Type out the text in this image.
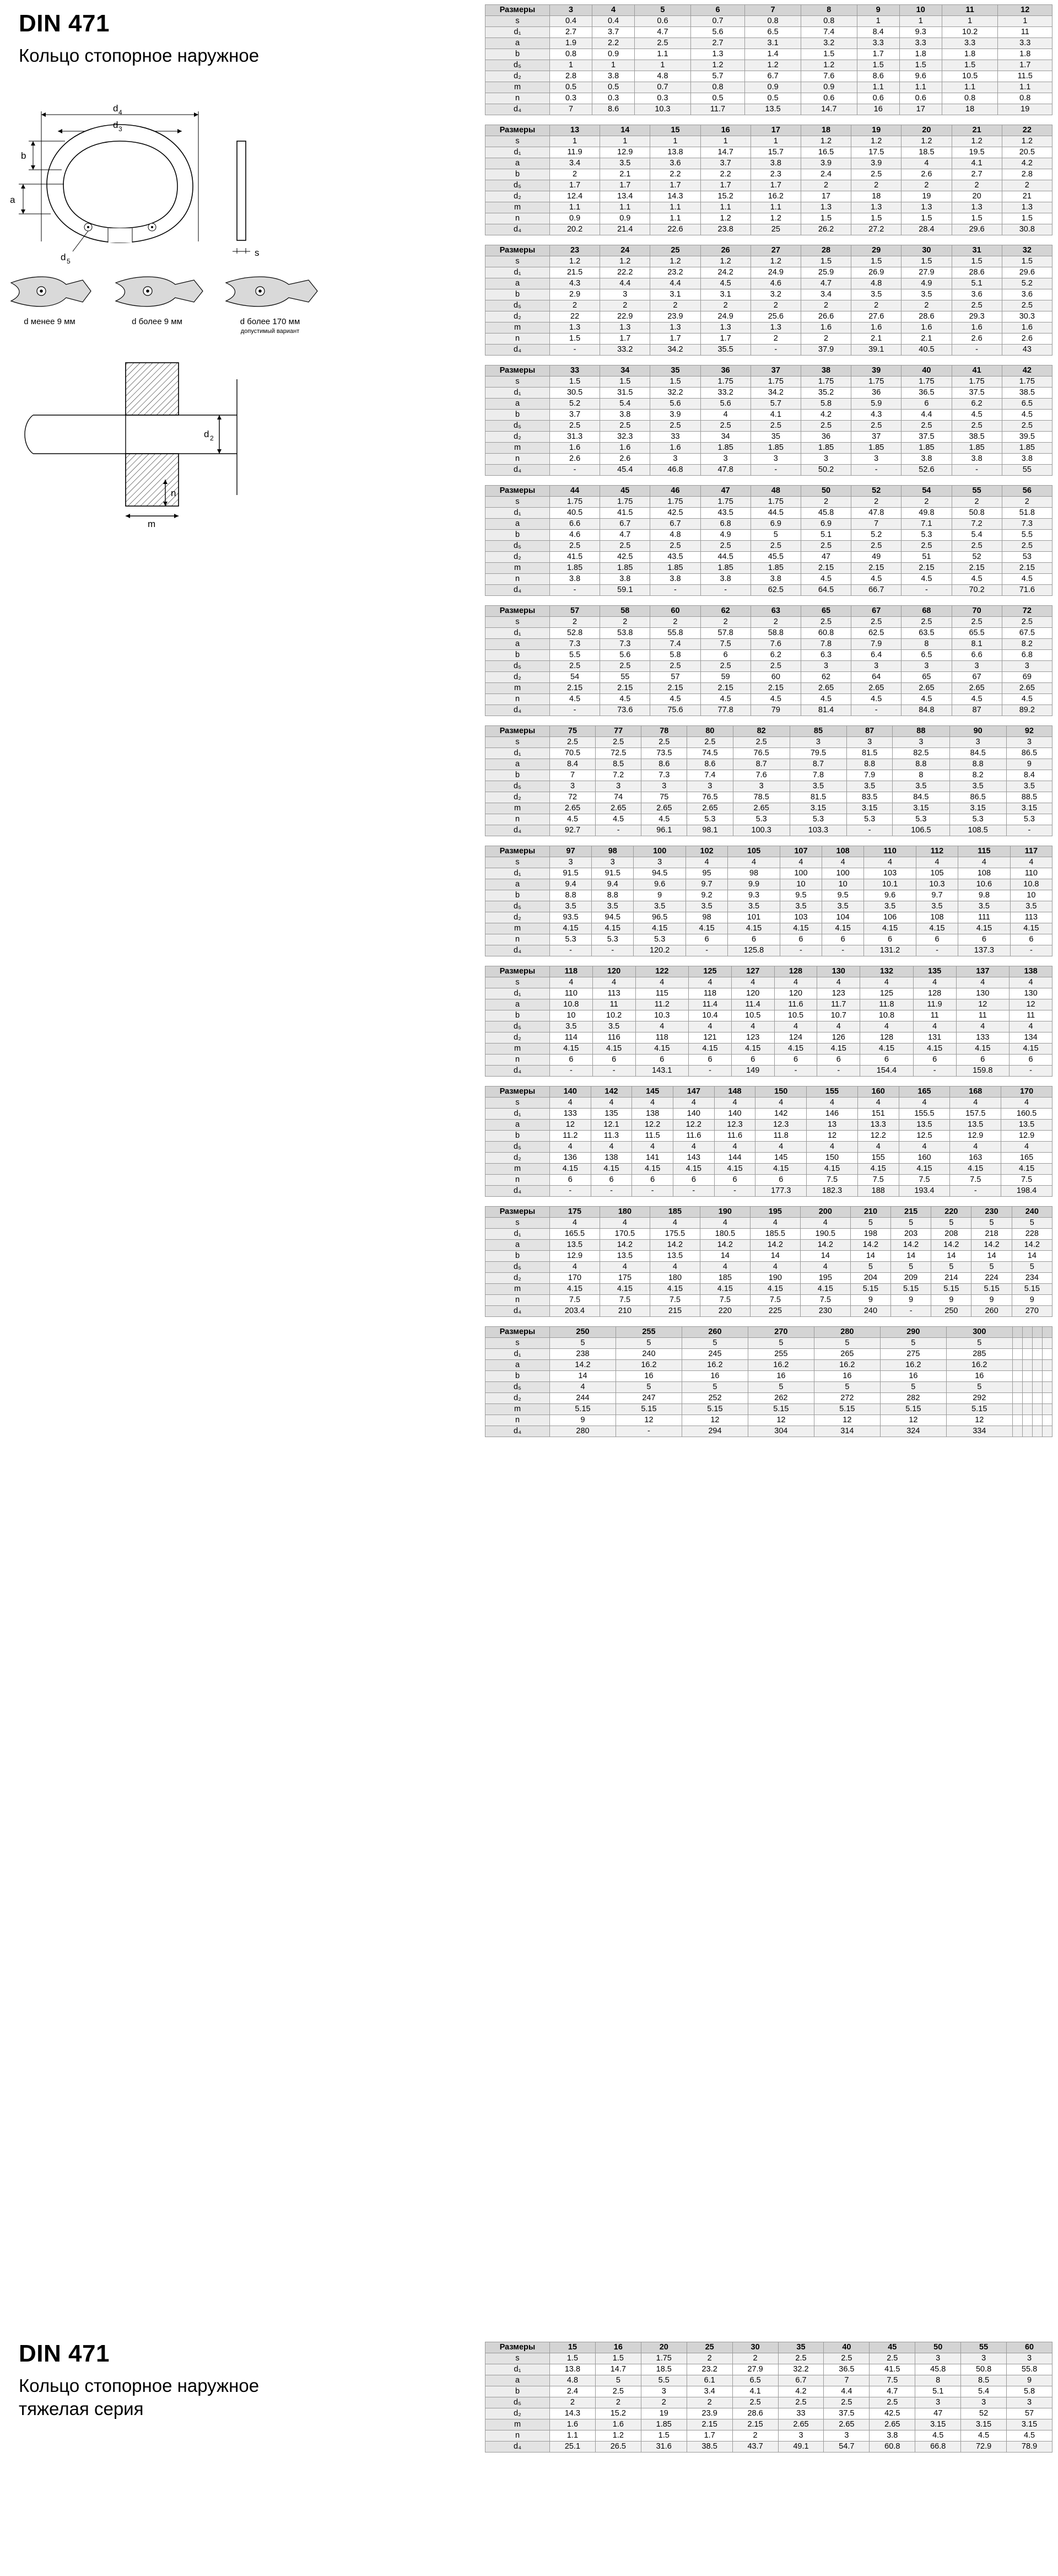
DIN 471
Кольцо стопорное наружное
d 4
d 3
b
a
d 5
s
d менее 9 мм	d более 9 мм	d более 170 мм
допустимый вариант
d 2
n
m
Размеры	3	4	5	6	7	8	9	10	11	12
s	0.4	0.4	0.6	0.7	0.8	0.8	1	1	1	1
d₁	2.7	3.7	4.7	5.6	6.5	7.4	8.4	9.3	10.2	11
a	1.9	2.2	2.5	2.7	3.1	3.2	3.3	3.3	3.3	3.3
b	0.8	0.9	1.1	1.3	1.4	1.5	1.7	1.8	1.8	1.8
d₅	1	1	1	1.2	1.2	1.2	1.5	1.5	1.5	1.7
d₂	2.8	3.8	4.8	5.7	6.7	7.6	8.6	9.6	10.5	11.5
m	0.5	0.5	0.7	0.8	0.9	0.9	1.1	1.1	1.1	1.1
n	0.3	0.3	0.3	0.5	0.5	0.6	0.6	0.6	0.8	0.8
d₄	7	8.6	10.3	11.7	13.5	14.7	16	17	18	19
Размеры	13	14	15	16	17	18	19	20	21	22
s	1	1	1	1	1	1.2	1.2	1.2	1.2	1.2
d₁	11.9	12.9	13.8	14.7	15.7	16.5	17.5	18.5	19.5	20.5
a	3.4	3.5	3.6	3.7	3.8	3.9	3.9	4	4.1	4.2
b	2	2.1	2.2	2.2	2.3	2.4	2.5	2.6	2.7	2.8
d₅	1.7	1.7	1.7	1.7	1.7	2	2	2	2	2
d₂	12.4	13.4	14.3	15.2	16.2	17	18	19	20	21
m	1.1	1.1	1.1	1.1	1.1	1.3	1.3	1.3	1.3	1.3
n	0.9	0.9	1.1	1.2	1.2	1.5	1.5	1.5	1.5	1.5
d₄	20.2	21.4	22.6	23.8	25	26.2	27.2	28.4	29.6	30.8
Размеры	23	24	25	26	27	28	29	30	31	32
s	1.2	1.2	1.2	1.2	1.2	1.5	1.5	1.5	1.5	1.5
d₁	21.5	22.2	23.2	24.2	24.9	25.9	26.9	27.9	28.6	29.6
a	4.3	4.4	4.4	4.5	4.6	4.7	4.8	4.9	5.1	5.2
b	2.9	3	3.1	3.1	3.2	3.4	3.5	3.5	3.6	3.6
d₅	2	2	2	2	2	2	2	2	2.5	2.5
d₂	22	22.9	23.9	24.9	25.6	26.6	27.6	28.6	29.3	30.3
m	1.3	1.3	1.3	1.3	1.3	1.6	1.6	1.6	1.6	1.6
n	1.5	1.7	1.7	1.7	2	2	2.1	2.1	2.6	2.6
d₄	-	33.2	34.2	35.5	-	37.9	39.1	40.5	-	43
Размеры	33	34	35	36	37	38	39	40	41	42
s	1.5	1.5	1.5	1.75	1.75	1.75	1.75	1.75	1.75	1.75
d₁	30.5	31.5	32.2	33.2	34.2	35.2	36	36.5	37.5	38.5
a	5.2	5.4	5.6	5.6	5.7	5.8	5.9	6	6.2	6.5
b	3.7	3.8	3.9	4	4.1	4.2	4.3	4.4	4.5	4.5
d₅	2.5	2.5	2.5	2.5	2.5	2.5	2.5	2.5	2.5	2.5
d₂	31.3	32.3	33	34	35	36	37	37.5	38.5	39.5
m	1.6	1.6	1.6	1.85	1.85	1.85	1.85	1.85	1.85	1.85
n	2.6	2.6	3	3	3	3	3	3.8	3.8	3.8
d₄	-	45.4	46.8	47.8	-	50.2	-	52.6	-	55
Размеры	44	45	46	47	48	50	52	54	55	56
s	1.75	1.75	1.75	1.75	1.75	2	2	2	2	2
d₁	40.5	41.5	42.5	43.5	44.5	45.8	47.8	49.8	50.8	51.8
a	6.6	6.7	6.7	6.8	6.9	6.9	7	7.1	7.2	7.3
b	4.6	4.7	4.8	4.9	5	5.1	5.2	5.3	5.4	5.5
d₅	2.5	2.5	2.5	2.5	2.5	2.5	2.5	2.5	2.5	2.5
d₂	41.5	42.5	43.5	44.5	45.5	47	49	51	52	53
m	1.85	1.85	1.85	1.85	1.85	2.15	2.15	2.15	2.15	2.15
n	3.8	3.8	3.8	3.8	3.8	4.5	4.5	4.5	4.5	4.5
d₄	-	59.1	-	-	62.5	64.5	66.7	-	70.2	71.6
Размеры	57	58	60	62	63	65	67	68	70	72
s	2	2	2	2	2	2.5	2.5	2.5	2.5	2.5
d₁	52.8	53.8	55.8	57.8	58.8	60.8	62.5	63.5	65.5	67.5
a	7.3	7.3	7.4	7.5	7.6	7.8	7.9	8	8.1	8.2
b	5.5	5.6	5.8	6	6.2	6.3	6.4	6.5	6.6	6.8
d₅	2.5	2.5	2.5	2.5	2.5	3	3	3	3	3
d₂	54	55	57	59	60	62	64	65	67	69
m	2.15	2.15	2.15	2.15	2.15	2.65	2.65	2.65	2.65	2.65
n	4.5	4.5	4.5	4.5	4.5	4.5	4.5	4.5	4.5	4.5
d₄	-	73.6	75.6	77.8	79	81.4	-	84.8	87	89.2
Размеры	75	77	78	80	82	85	87	88	90	92
s	2.5	2.5	2.5	2.5	2.5	3	3	3	3	3
d₁	70.5	72.5	73.5	74.5	76.5	79.5	81.5	82.5	84.5	86.5
a	8.4	8.5	8.6	8.6	8.7	8.7	8.8	8.8	8.8	9
b	7	7.2	7.3	7.4	7.6	7.8	7.9	8	8.2	8.4
d₅	3	3	3	3	3	3.5	3.5	3.5	3.5	3.5
d₂	72	74	75	76.5	78.5	81.5	83.5	84.5	86.5	88.5
m	2.65	2.65	2.65	2.65	2.65	3.15	3.15	3.15	3.15	3.15
n	4.5	4.5	4.5	5.3	5.3	5.3	5.3	5.3	5.3	5.3
d₄	92.7	-	96.1	98.1	100.3	103.3	-	106.5	108.5	-
Размеры	97	98	100	102	105	107	108	110	112	115	117
s	3	3	3	4	4	4	4	4	4	4	4
d₁	91.5	91.5	94.5	95	98	100	100	103	105	108	110
a	9.4	9.4	9.6	9.7	9.9	10	10	10.1	10.3	10.6	10.8
b	8.8	8.8	9	9.2	9.3	9.5	9.5	9.6	9.7	9.8	10
d₅	3.5	3.5	3.5	3.5	3.5	3.5	3.5	3.5	3.5	3.5	3.5
d₂	93.5	94.5	96.5	98	101	103	104	106	108	111	113
m	4.15	4.15	4.15	4.15	4.15	4.15	4.15	4.15	4.15	4.15	4.15
n	5.3	5.3	5.3	6	6	6	6	6	6	6	6
d₄	-	-	120.2	-	125.8	-	-	131.2	-	137.3	-
Размеры	118	120	122	125	127	128	130	132	135	137	138
s	4	4	4	4	4	4	4	4	4	4	4
d₁	110	113	115	118	120	120	123	125	128	130	130
a	10.8	11	11.2	11.4	11.4	11.6	11.7	11.8	11.9	12	12
b	10	10.2	10.3	10.4	10.5	10.5	10.7	10.8	11	11	11
d₅	3.5	3.5	4	4	4	4	4	4	4	4	4
d₂	114	116	118	121	123	124	126	128	131	133	134
m	4.15	4.15	4.15	4.15	4.15	4.15	4.15	4.15	4.15	4.15	4.15
n	6	6	6	6	6	6	6	6	6	6	6
d₄	-	-	143.1	-	149	-	-	154.4	-	159.8	-
Размеры	140	142	145	147	148	150	155	160	165	168	170
s	4	4	4	4	4	4	4	4	4	4	4
d₁	133	135	138	140	140	142	146	151	155.5	157.5	160.5
a	12	12.1	12.2	12.2	12.3	12.3	13	13.3	13.5	13.5	13.5
b	11.2	11.3	11.5	11.6	11.6	11.8	12	12.2	12.5	12.9	12.9
d₅	4	4	4	4	4	4	4	4	4	4	4
d₂	136	138	141	143	144	145	150	155	160	163	165
m	4.15	4.15	4.15	4.15	4.15	4.15	4.15	4.15	4.15	4.15	4.15
n	6	6	6	6	6	6	7.5	7.5	7.5	7.5	7.5
d₄	-	-	-	-	-	177.3	182.3	188	193.4	-	198.4
Размеры	175	180	185	190	195	200	210	215	220	230	240
s	4	4	4	4	4	4	5	5	5	5	5
d₁	165.5	170.5	175.5	180.5	185.5	190.5	198	203	208	218	228
a	13.5	14.2	14.2	14.2	14.2	14.2	14.2	14.2	14.2	14.2	14.2
b	12.9	13.5	13.5	14	14	14	14	14	14	14	14
d₅	4	4	4	4	4	4	5	5	5	5	5
d₂	170	175	180	185	190	195	204	209	214	224	234
m	4.15	4.15	4.15	4.15	4.15	4.15	5.15	5.15	5.15	5.15	5.15
n	7.5	7.5	7.5	7.5	7.5	7.5	9	9	9	9	9
d₄	203.4	210	215	220	225	230	240	-	250	260	270
Размеры	250	255	260	270	280	290	300				
s	5	5	5	5	5	5	5				
d₁	238	240	245	255	265	275	285				
a	14.2	16.2	16.2	16.2	16.2	16.2	16.2				
b	14	16	16	16	16	16	16				
d₅	4	5	5	5	5	5	5				
d₂	244	247	252	262	272	282	292				
m	5.15	5.15	5.15	5.15	5.15	5.15	5.15				
n	9	12	12	12	12	12	12				
d₄	280	-	294	304	314	324	334				
DIN 471
Кольцо стопорное наружное
тяжелая серия
Размеры	15	16	20	25	30	35	40	45	50	55	60
s	1.5	1.5	1.75	2	2	2.5	2.5	2.5	3	3	3
d₁	13.8	14.7	18.5	23.2	27.9	32.2	36.5	41.5	45.8	50.8	55.8
a	4.8	5	5.5	6.1	6.5	6.7	7	7.5	8	8.5	9
b	2.4	2.5	3	3.4	4.1	4.2	4.4	4.7	5.1	5.4	5.8
d₅	2	2	2	2	2.5	2.5	2.5	2.5	3	3	3
d₂	14.3	15.2	19	23.9	28.6	33	37.5	42.5	47	52	57
m	1.6	1.6	1.85	2.15	2.15	2.65	2.65	2.65	3.15	3.15	3.15
n	1.1	1.2	1.5	1.7	2	3	3	3.8	4.5	4.5	4.5
d₄	25.1	26.5	31.6	38.5	43.7	49.1	54.7	60.8	66.8	72.9	78.9
